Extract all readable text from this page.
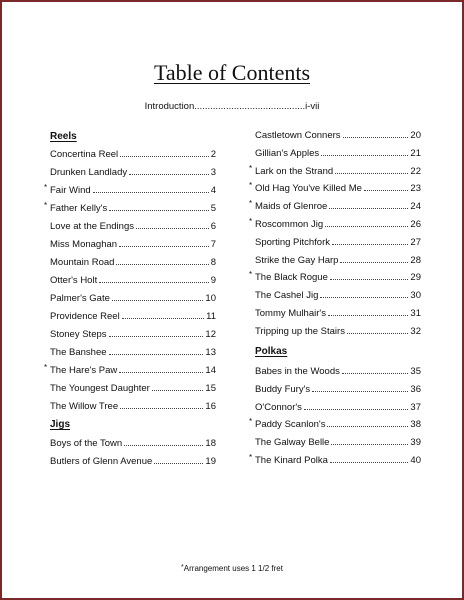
Table of Contents
Introduction..........................................i-vii
Reels
Jigs
Concertina Reel	2
Drunken Landlady	3
* Fair Wind	4
* Father Kelly's	5
Love at the Endings	6
Miss Monaghan	7
Mountain Road	8
Otter's Holt	9
Palmer's Gate	10
Providence Reel	11
Stoney Steps	12
The Banshee	13
* The Hare's Paw	14
The Youngest Daughter	15
The Willow Tree	16
Boys of the Town	18
Butlers of Glenn Avenue	19
Polkas
Castletown Conners	20
Gillian's Apples	21
* Lark on the Strand	22
* Old Hag You've Killed Me	23
* Maids of Glenroe	24
* Roscommon Jig	26
Sporting Pitchfork	27
Strike the Gay Harp	28
* The Black Rogue	29
The Cashel Jig	30
Tommy Mulhair's	31
Tripping up the Stairs	32
Babes in the Woods	35
Buddy Fury's	36
O'Connor's	37
* Paddy Scanlon's	38
The Galway Belle	39
* The Kinard Polka	40
*Arrangement uses 1 1/2 fret
